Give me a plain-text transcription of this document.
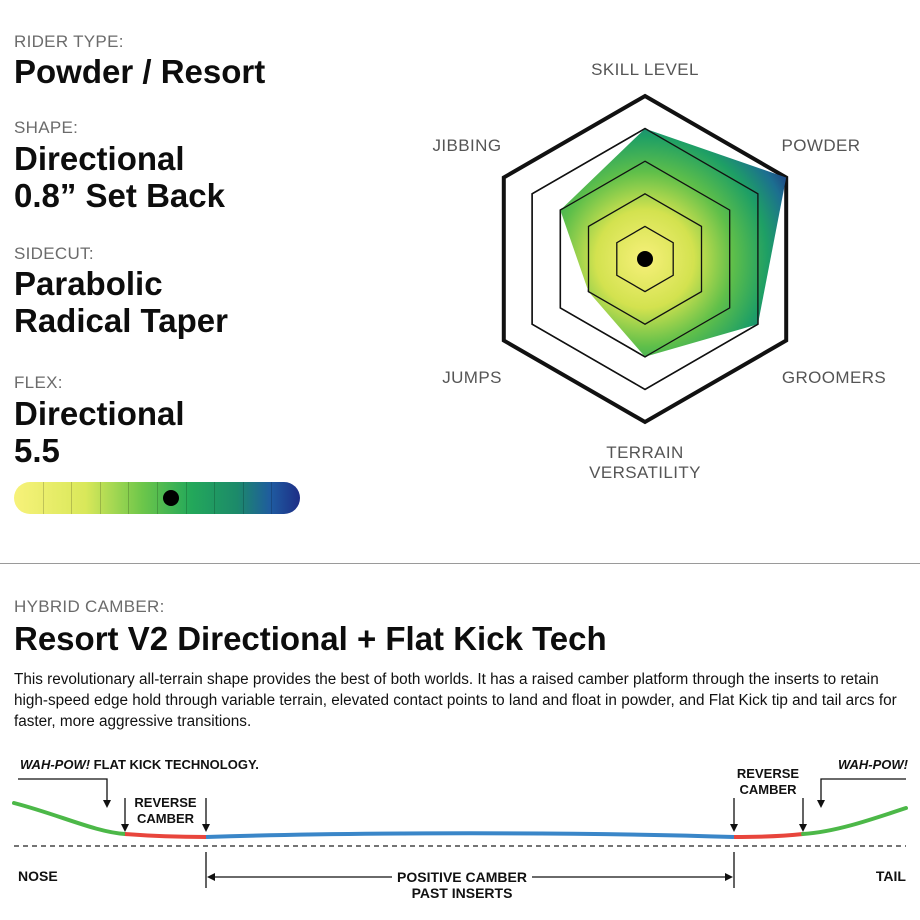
RIDER TYPE:
Powder / Resort
SHAPE:
Directional
0.8” Set Back
SIDECUT:
Parabolic
Radical Taper
FLEX:
Directional
5.5
SKILL LEVEL
POWDER
GROOMERS
TERRAIN VERSATILITY
JUMPS
JIBBING
HYBRID CAMBER:
Resort V2 Directional + Flat Kick Tech
This revolutionary all-terrain shape provides the best of both worlds. It has a raised camber platform through the inserts to retain high-speed edge hold through variable terrain, elevated contact points to land and float in powder, and Flat Kick tip and tail arcs for faster, more aggressive transitions.
WAH-POW! FLAT KICK TECHNOLOGY.
REVERSE
CAMBER
REVERSE
CAMBER
WAH-POW!
NOSE	TAIL
POSITIVE CAMBER
PAST INSERTS
